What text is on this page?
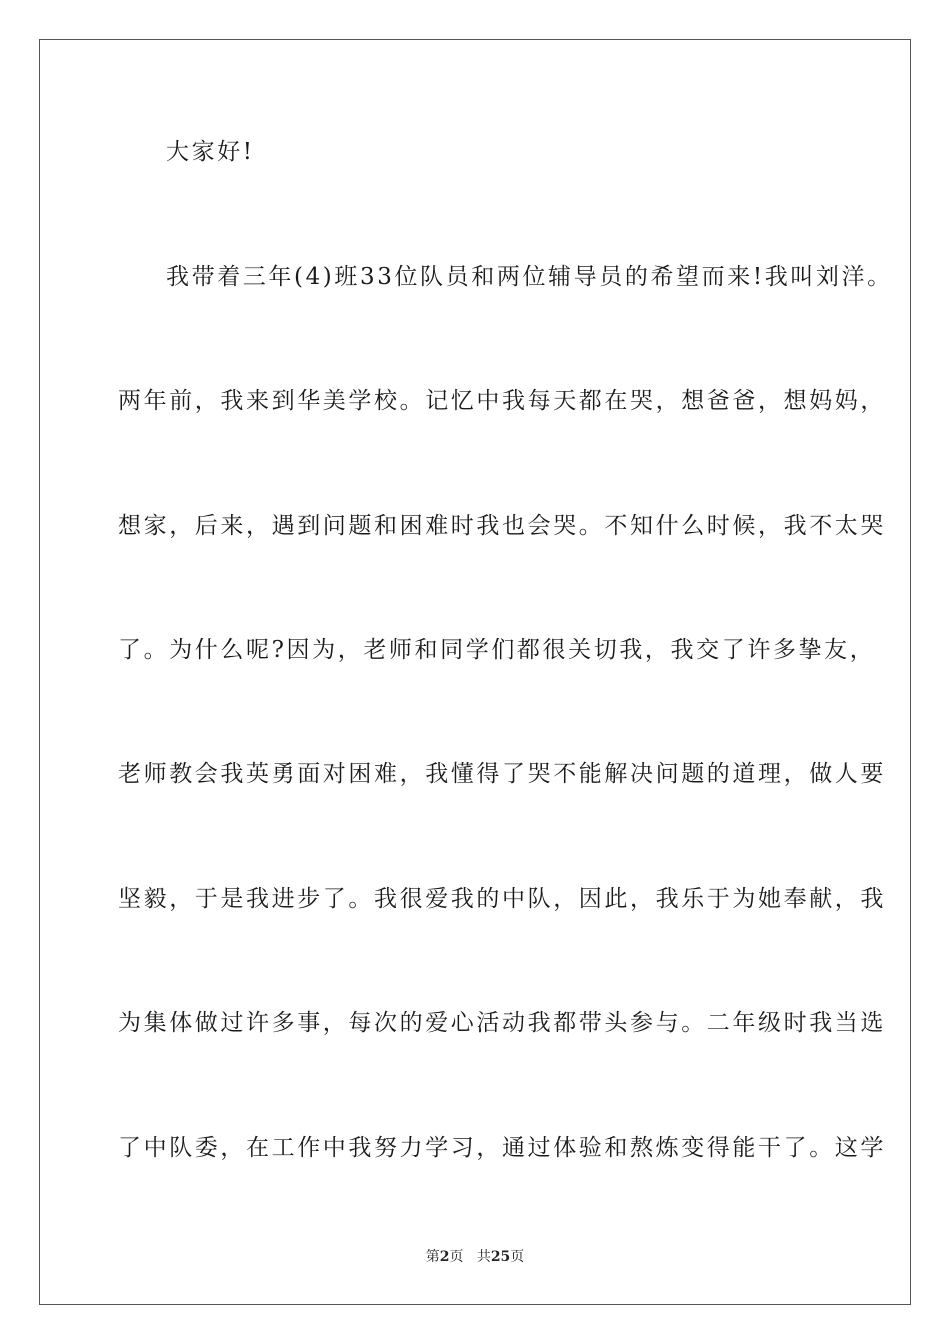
大家好!
我带着三年(4)班33位队员和两位辅导员的希望而来!我叫刘洋。
两年前，我来到华美学校。记忆中我每天都在哭，想爸爸，想妈妈，
想家，后来，遇到问题和困难时我也会哭。不知什么时候，我不太哭
了。为什么呢?因为，老师和同学们都很关切我，我交了许多挚友，
老师教会我英勇面对困难，我懂得了哭不能解决问题的道理，做人要
坚毅，于是我进步了。我很爱我的中队，因此，我乐于为她奉献，我
为集体做过许多事，每次的爱心活动我都带头参与。二年级时我当选
了中队委，在工作中我努力学习，通过体验和熬炼变得能干了。这学
第2页 共25页
